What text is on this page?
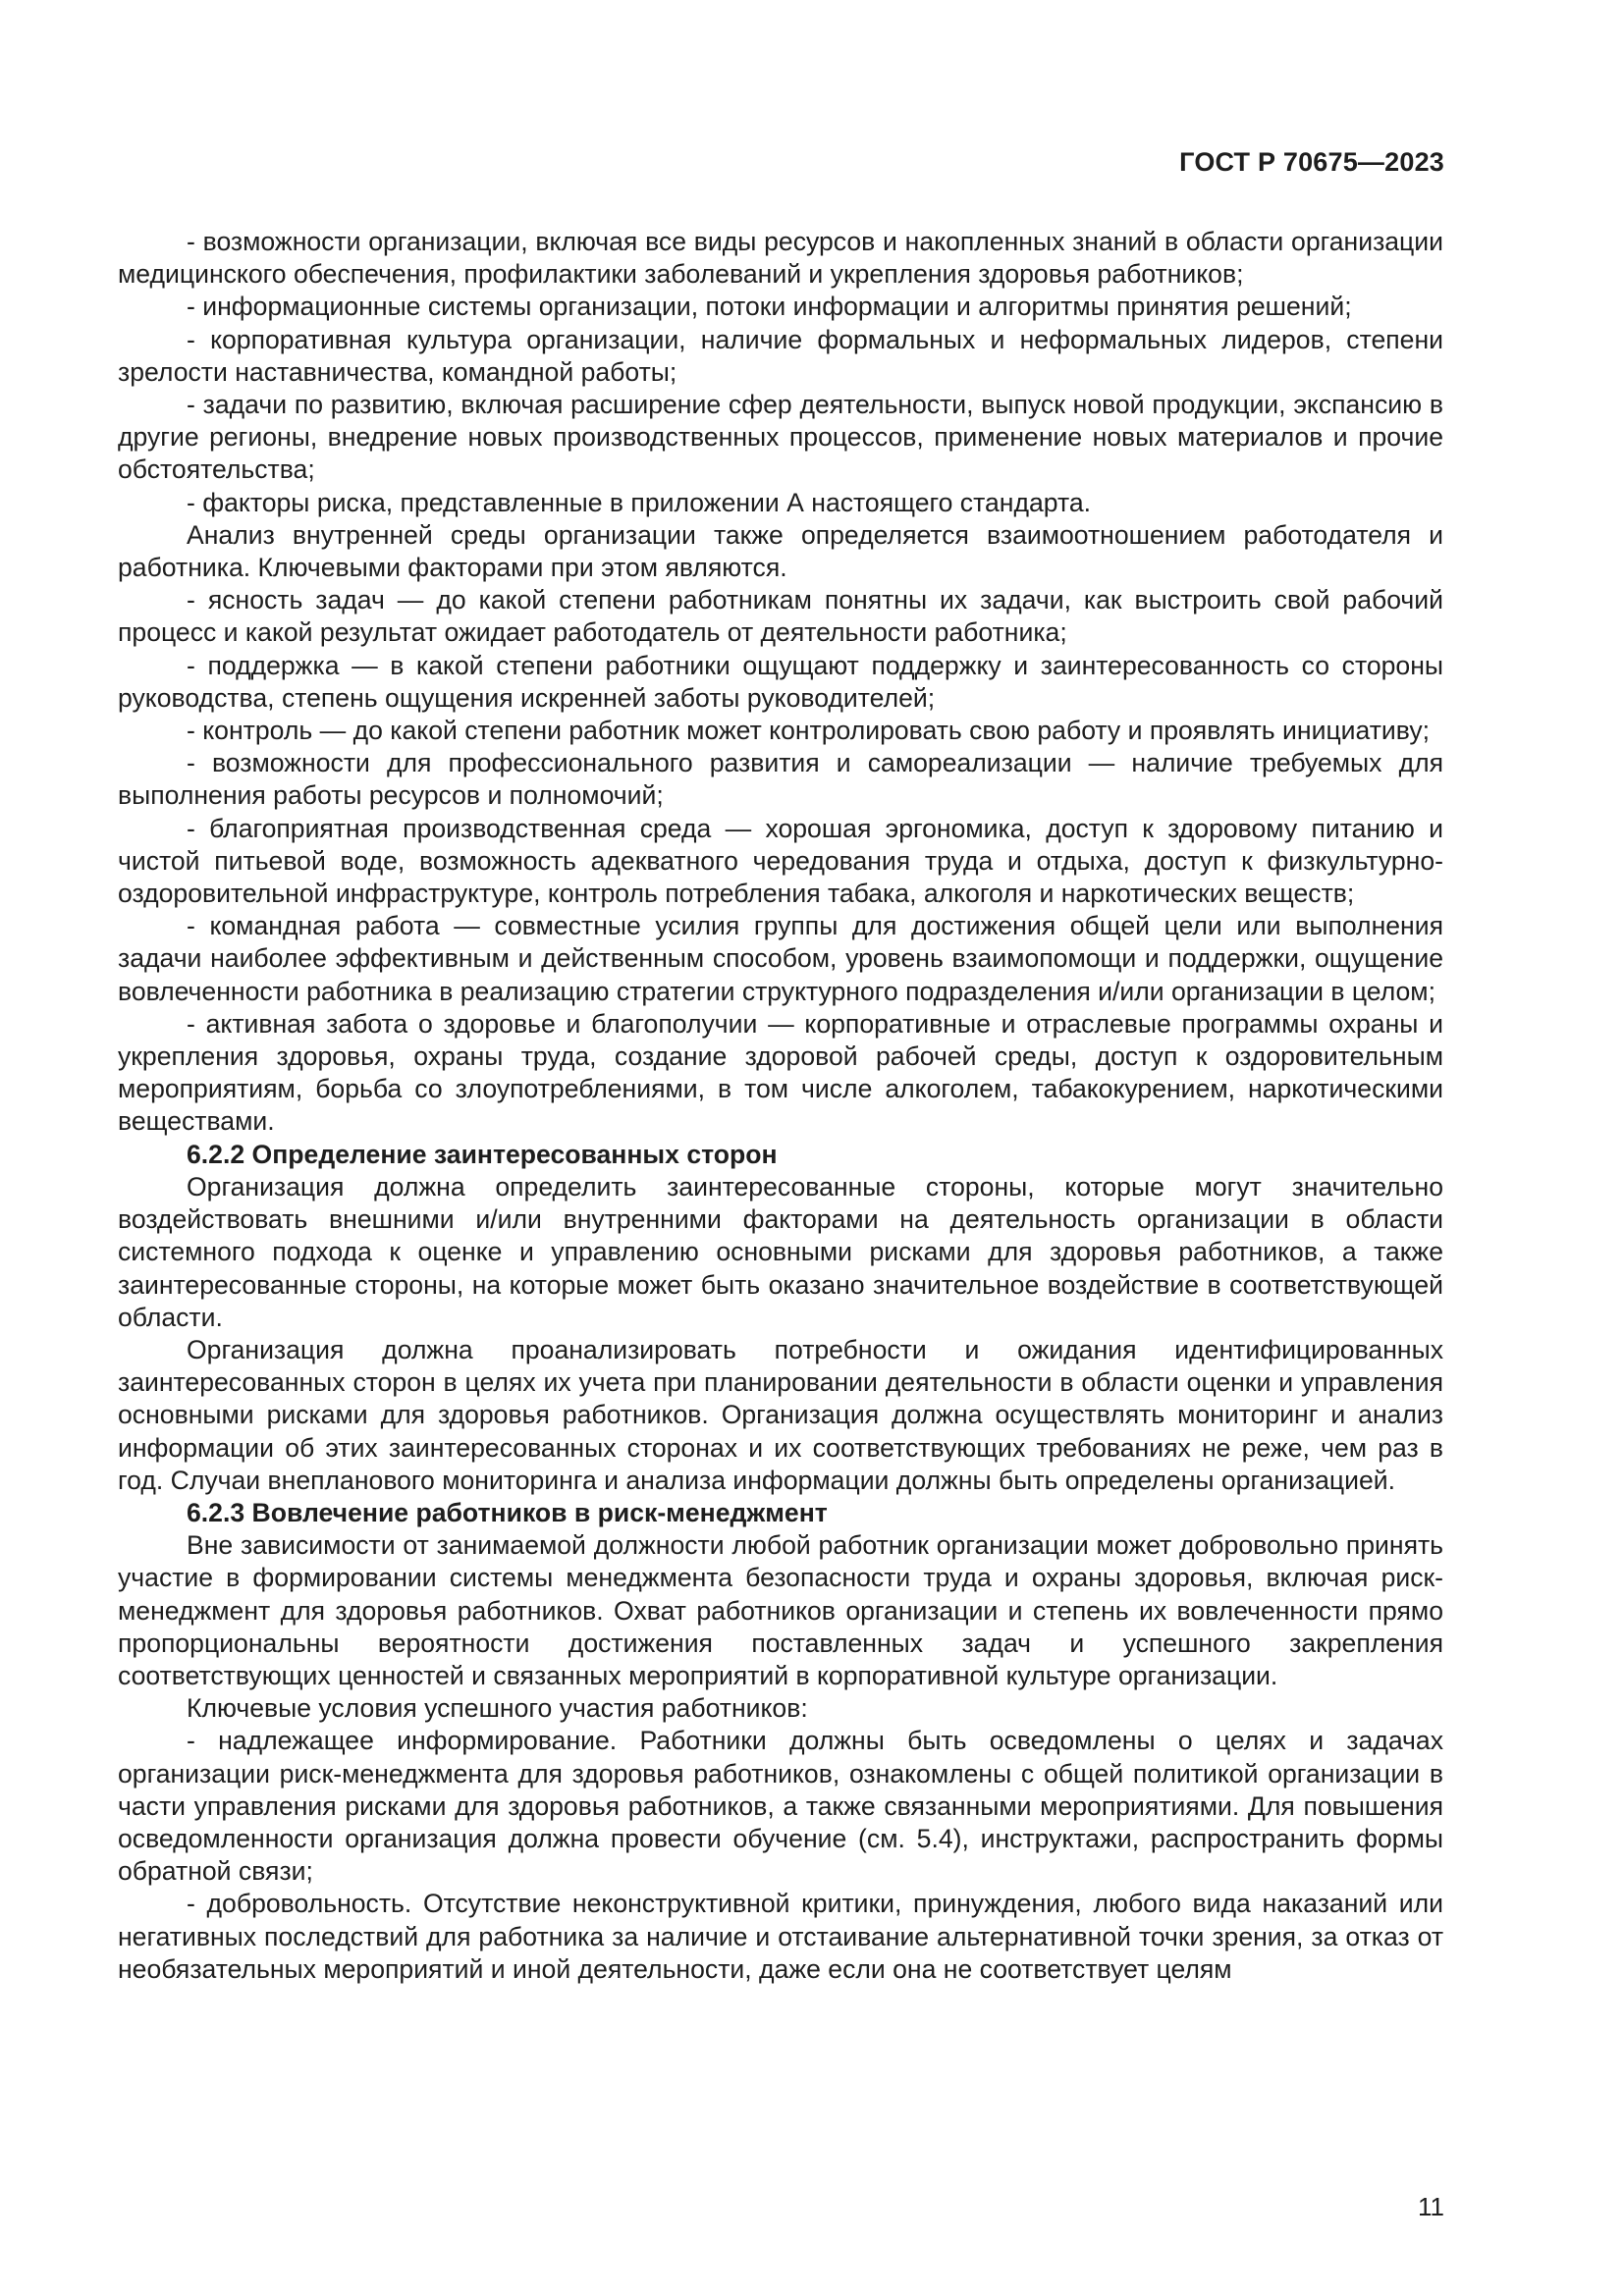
ГОСТ Р 70675—2023

- возможности организации, включая все виды ресурсов и накопленных знаний в области организации медицинского обеспечения, профилактики заболеваний и укрепления здоровья работников;

- информационные системы организации, потоки информации и алгоритмы принятия решений;

- корпоративная культура организации, наличие формальных и неформальных лидеров, степени зрелости наставничества, командной работы;

- задачи по развитию, включая расширение сфер деятельности, выпуск новой продукции, экспансию в другие регионы, внедрение новых производственных процессов, применение новых материалов и прочие обстоятельства;

- факторы риска, представленные в приложении А настоящего стандарта.

Анализ внутренней среды организации также определяется взаимоотношением работодателя и работника. Ключевыми факторами при этом являются.

- ясность задач — до какой степени работникам понятны их задачи, как выстроить свой рабочий процесс и какой результат ожидает работодатель от деятельности работника;

- поддержка — в какой степени работники ощущают поддержку и заинтересованность со стороны руководства, степень ощущения искренней заботы руководителей;

- контроль — до какой степени работник может контролировать свою работу и проявлять инициативу;

- возможности для профессионального развития и самореализации — наличие требуемых для выполнения работы ресурсов и полномочий;

- благоприятная производственная среда — хорошая эргономика, доступ к здоровому питанию и чистой питьевой воде, возможность адекватного чередования труда и отдыха, доступ к физкультурно-оздоровительной инфраструктуре, контроль потребления табака, алкоголя и наркотических веществ;

- командная работа — совместные усилия группы для достижения общей цели или выполнения задачи наиболее эффективным и действенным способом, уровень взаимопомощи и поддержки, ощущение вовлеченности работника в реализацию стратегии структурного подразделения и/или организации в целом;

- активная забота о здоровье и благополучии — корпоративные и отраслевые программы охраны и укрепления здоровья, охраны труда, создание здоровой рабочей среды, доступ к оздоровительным мероприятиям, борьба со злоупотреблениями, в том числе алкоголем, табакокурением, наркотическими веществами.

6.2.2 Определение заинтересованных сторон

Организация должна определить заинтересованные стороны, которые могут значительно воздействовать внешними и/или внутренними факторами на деятельность организации в области системного подхода к оценке и управлению основными рисками для здоровья работников, а также заинтересованные стороны, на которые может быть оказано значительное воздействие в соответствующей области.

Организация должна проанализировать потребности и ожидания идентифицированных заинтересованных сторон в целях их учета при планировании деятельности в области оценки и управления основными рисками для здоровья работников. Организация должна осуществлять мониторинг и анализ информации об этих заинтересованных сторонах и их соответствующих требованиях не реже, чем раз в год. Случаи внепланового мониторинга и анализа информации должны быть определены организацией.

6.2.3 Вовлечение работников в риск-менеджмент

Вне зависимости от занимаемой должности любой работник организации может добровольно принять участие в формировании системы менеджмента безопасности труда и охраны здоровья, включая риск-менеджмент для здоровья работников. Охват работников организации и степень их вовлеченности прямо пропорциональны вероятности достижения поставленных задач и успешного закрепления соответствующих ценностей и связанных мероприятий в корпоративной культуре организации.

Ключевые условия успешного участия работников:

- надлежащее информирование. Работники должны быть осведомлены о целях и задачах организации риск-менеджмента для здоровья работников, ознакомлены с общей политикой организации в части управления рисками для здоровья работников, а также связанными мероприятиями. Для повышения осведомленности организация должна провести обучение (см. 5.4), инструктажи, распространить формы обратной связи;

- добровольность. Отсутствие неконструктивной критики, принуждения, любого вида наказаний или негативных последствий для работника за наличие и отстаивание альтернативной точки зрения, за отказ от необязательных мероприятий и иной деятельности, даже если она не соответствует целям

11
